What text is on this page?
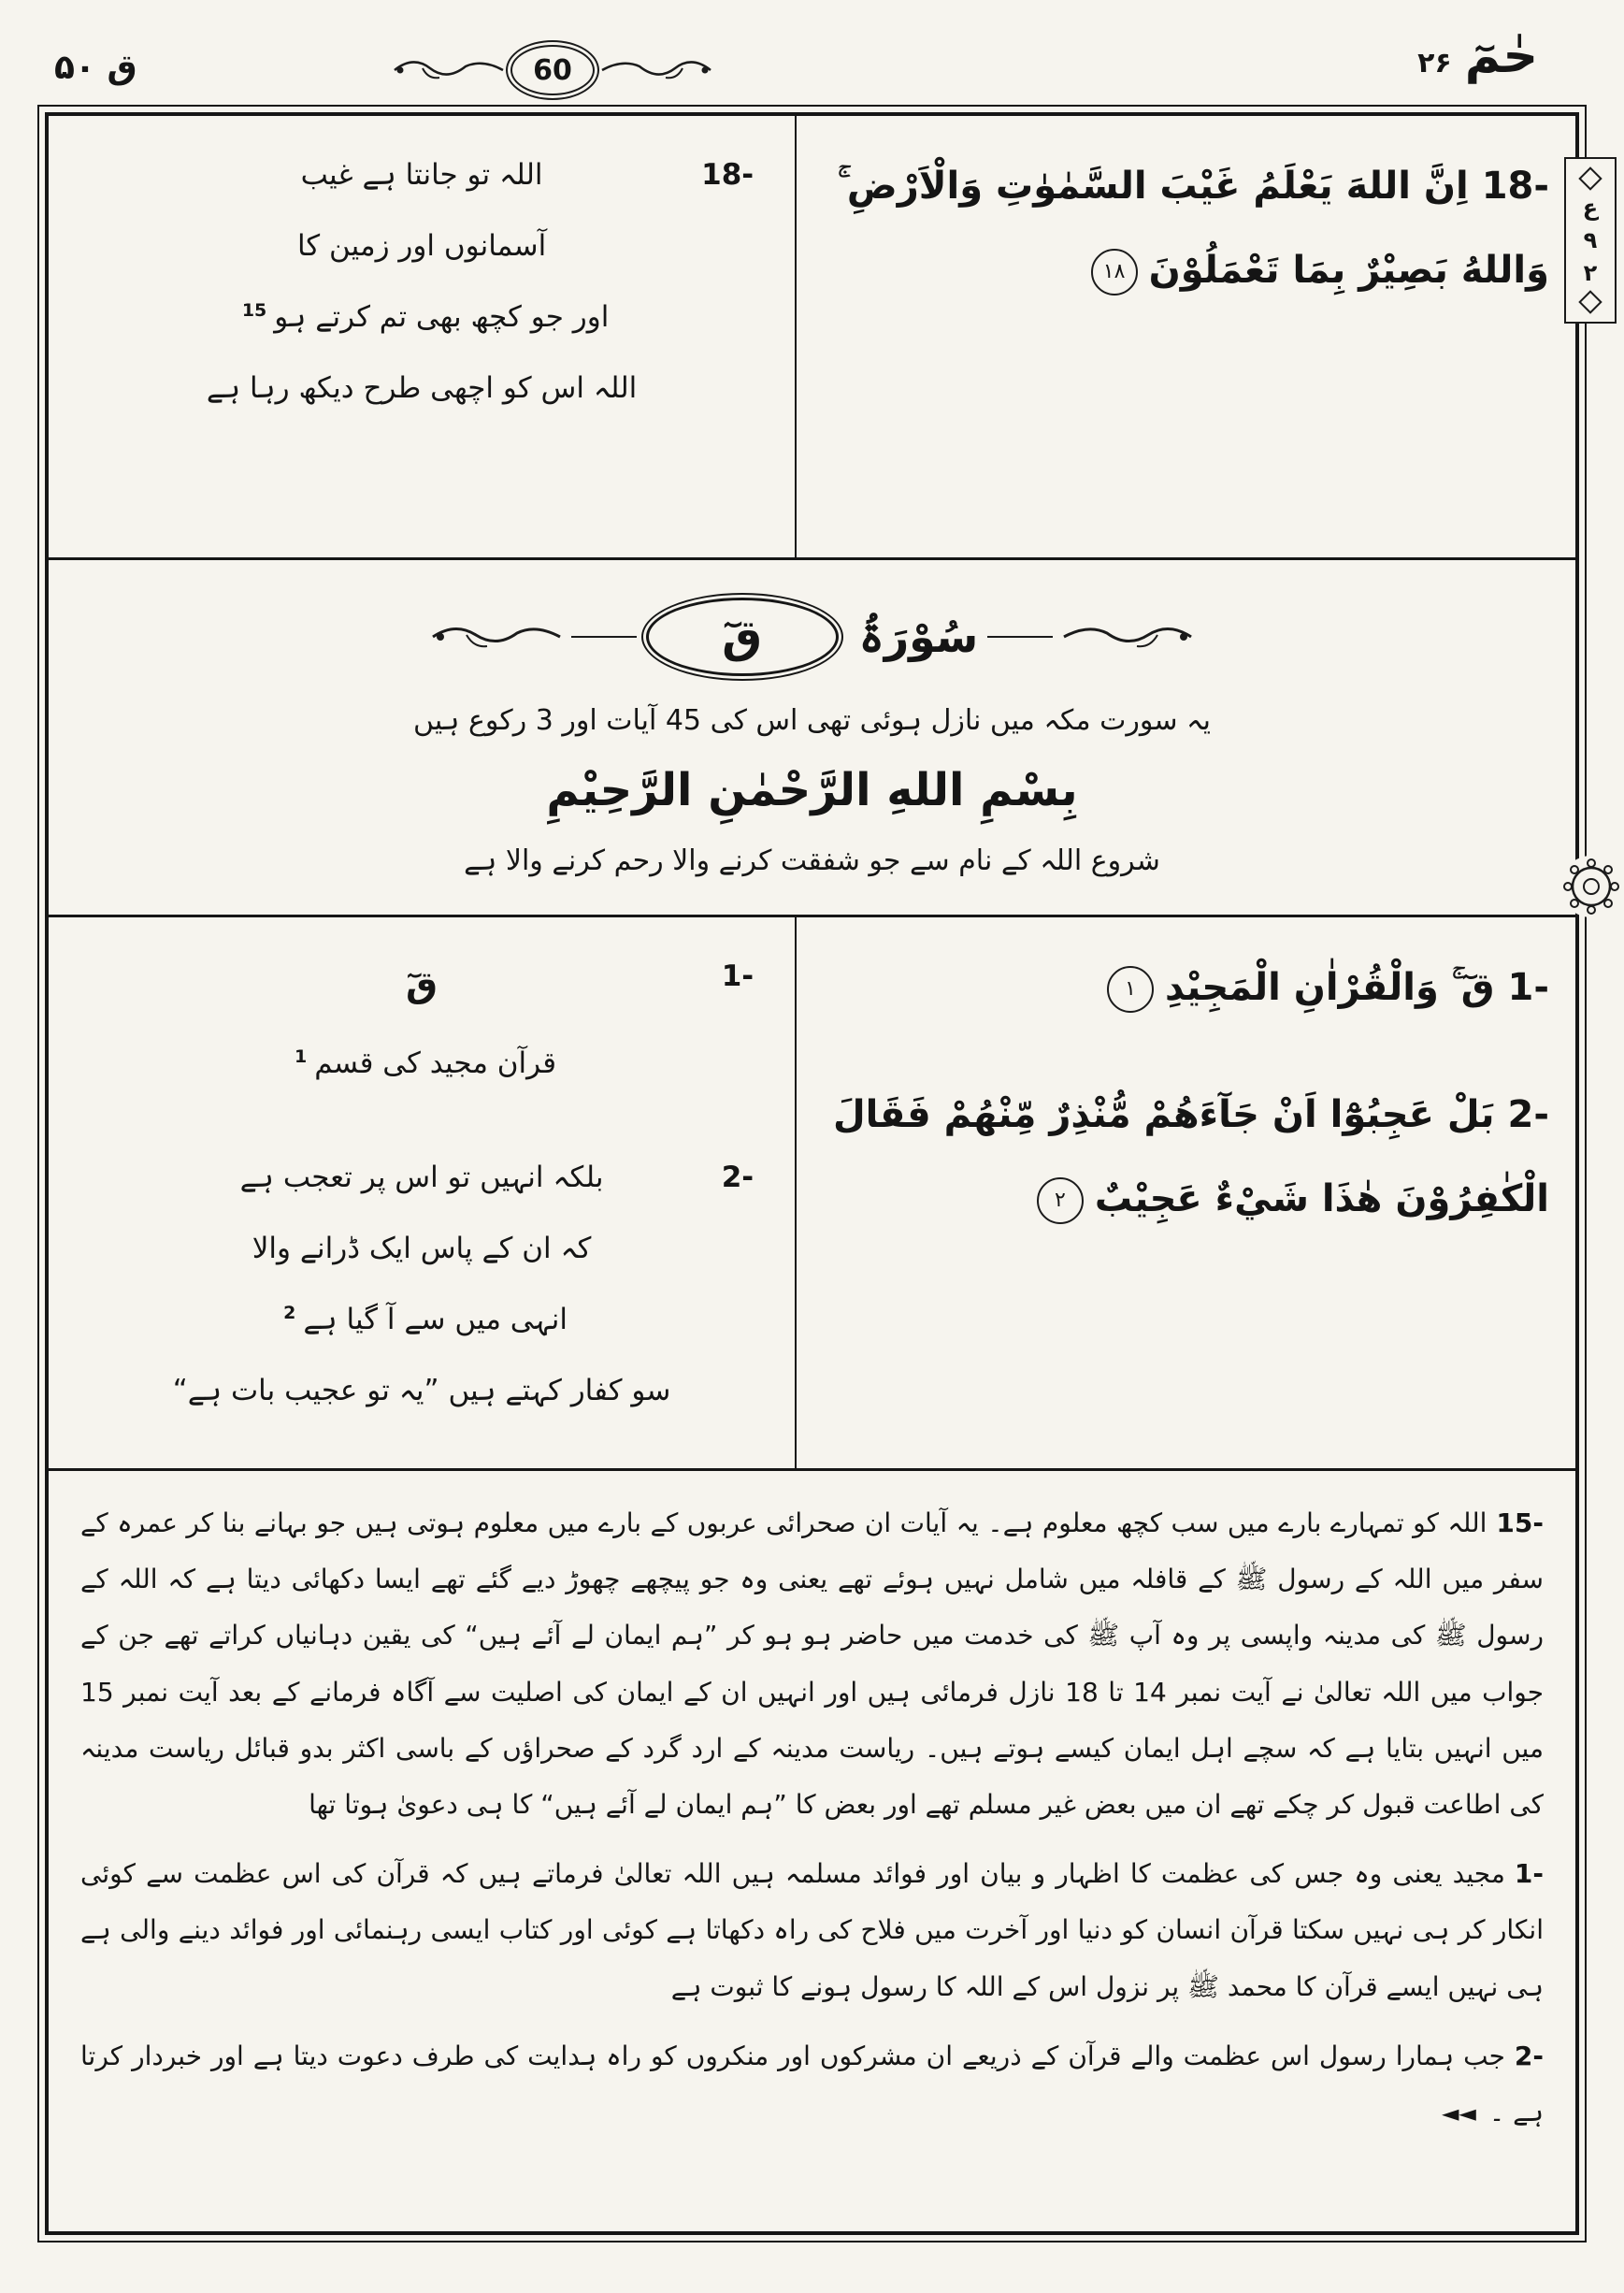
ق ۵۰	60	حٰمٓ
۲۶
ع
۹
۲
18-
اللہ تو جانتا ہے غیب
آسمانوں اور زمین کا
اور جو کچھ بھی تم کرتے ہو$^{15}$
اللہ اس کو اچھی طرح دیکھ رہا ہے

18-اِنَّ اللهَ يَعْلَمُ غَيْبَ السَّمٰوٰتِ وَالْاَرْضِ ۚ وَاللهُ بَصِيْرٌ بِمَا تَعْمَلُوْنَ۱۸

سُوْرَۃُ
قٓ
یہ سورت مکہ میں نازل ہوئی تھی اس کی 45 آیات اور 3 رکوع ہیں
بِسْمِ اللهِ الرَّحْمٰنِ الرَّحِيْمِ
شروع اللہ کے نام سے جو شفقت کرنے والا رحم کرنے والا ہے
1-
قٓ
قرآن مجید کی قسم$^1$
2-
بلکہ انہیں تو اس پر تعجب ہے
کہ ان کے پاس ایک ڈرانے والا
انہی میں سے آ گیا ہے$^2$
سو کفار کہتے ہیں ”یہ تو عجیب بات ہے“

1-قٓ ۚ وَالْقُرْاٰنِ الْمَجِيْدِ۱

2-بَلْ عَجِبُوْٓا اَنْ جَآءَهُمْ مُّنْذِرٌ مِّنْهُمْ فَقَالَ الْكٰفِرُوْنَ هٰذَا شَيْءٌ عَجِيْبٌ۲

15-اللہ کو تمہارے بارے میں سب کچھ معلوم ہے۔ یہ آیات ان صحرائی عربوں کے بارے میں معلوم ہوتی ہیں جو بہانے بنا کر عمرہ کے سفر میں اللہ کے رسول ﷺ کے قافلہ میں شامل نہیں ہوئے تھے یعنی وہ جو پیچھے چھوڑ دیے گئے تھے ایسا دکھائی دیتا ہے کہ اللہ کے رسول ﷺ کی مدینہ واپسی پر وہ آپ ﷺ کی خدمت میں حاضر ہو ہو کر ”ہم ایمان لے آئے ہیں“ کی یقین دہانیاں کراتے تھے جن کے جواب میں اللہ تعالیٰ نے آیت نمبر 14 تا 18 نازل فرمائی ہیں اور انہیں ان کے ایمان کی اصلیت سے آگاہ فرمانے کے بعد آیت نمبر 15 میں انہیں بتایا ہے کہ سچے اہل ایمان کیسے ہوتے ہیں۔ ریاست مدینہ کے ارد گرد کے صحراؤں کے باسی اکثر بدو قبائل ریاست مدینہ کی اطاعت قبول کر چکے تھے ان میں بعض غیر مسلم تھے اور بعض کا ”ہم ایمان لے آئے ہیں“ کا ہی دعویٰ ہوتا تھا

1-مجید یعنی وہ جس کی عظمت کا اظہار و بیان اور فوائد مسلمہ ہیں اللہ تعالیٰ فرماتے ہیں کہ قرآن کی اس عظمت سے کوئی انکار کر ہی نہیں سکتا قرآن انسان کو دنیا اور آخرت میں فلاح کی راہ دکھاتا ہے کوئی اور کتاب ایسی رہنمائی اور فوائد دینے والی ہے ہی نہیں ایسے قرآن کا محمد ﷺ پر نزول اس کے اللہ کا رسول ہونے کا ثبوت ہے

2-جب ہمارا رسول اس عظمت والے قرآن کے ذریعے ان مشرکوں اور منکروں کو راہ ہدایت کی طرف دعوت دیتا ہے اور خبردار کرتا ہے ۔◄◄
